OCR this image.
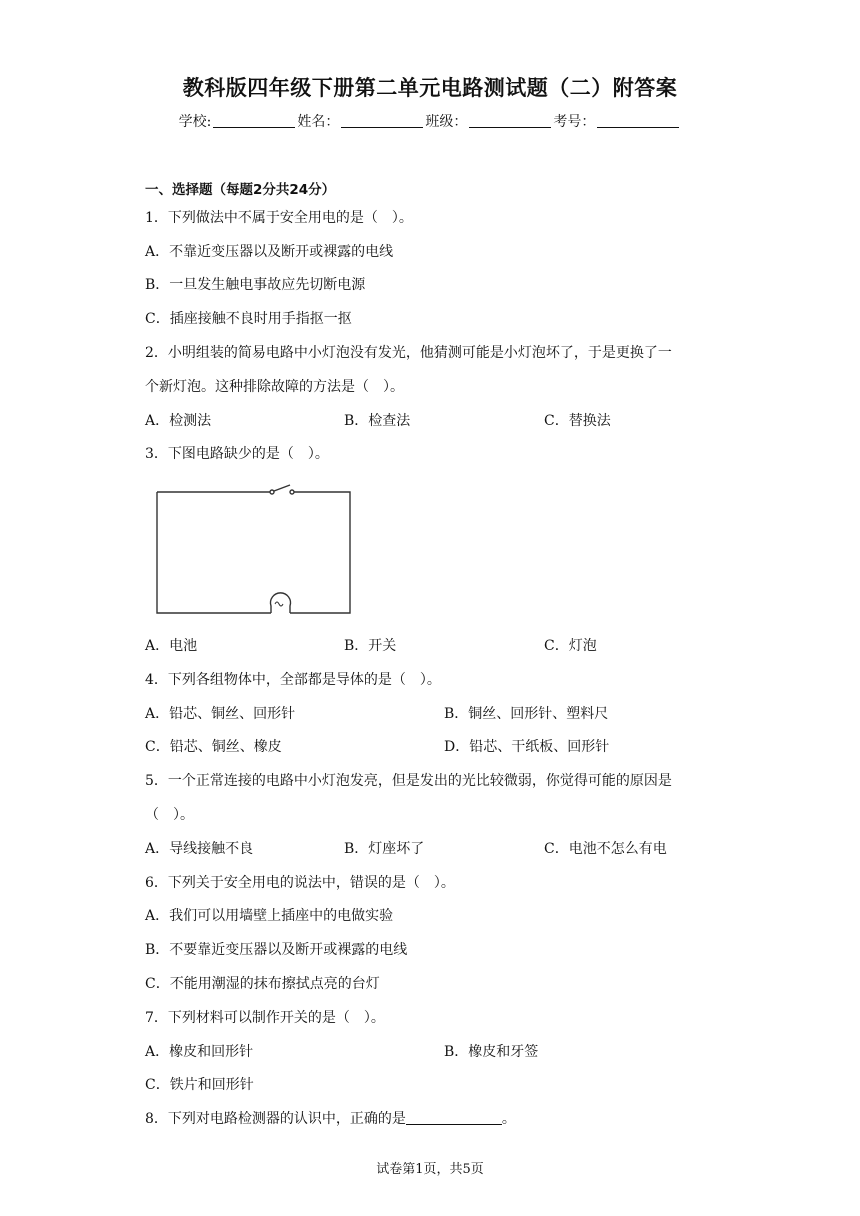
教科版四年级下册第二单元电路测试题（二）附答案
学校:	姓名：	班级：	考号：
一、选择题（每题2分共24分）
1．下列做法中不属于安全用电的是（　）。
A．不靠近变压器以及断开或裸露的电线
B．一旦发生触电事故应先切断电源
C．插座接触不良时用手指抠一抠
2．小明组装的简易电路中小灯泡没有发光，他猜测可能是小灯泡坏了，于是更换了一
个新灯泡。这种排除故障的方法是（　）。
A．检测法	B．检查法	C．替换法
3．下图电路缺少的是（　）。
A．电池	B．开关	C．灯泡
4．下列各组物体中，全部都是导体的是（　）。
A．铅芯、铜丝、回形针	B．铜丝、回形针、塑料尺
C．铅芯、铜丝、橡皮	D．铅芯、干纸板、回形针
5．一个正常连接的电路中小灯泡发亮，但是发出的光比较微弱，你觉得可能的原因是
（　）。
A．导线接触不良	B．灯座坏了	C．电池不怎么有电
6．下列关于安全用电的说法中，错误的是（　）。
A．我们可以用墙壁上插座中的电做实验
B．不要靠近变压器以及断开或裸露的电线
C．不能用潮湿的抹布擦拭点亮的台灯
7．下列材料可以制作开关的是（　）。
A．橡皮和回形针	B．橡皮和牙签
C．铁片和回形针
8．下列对电路检测器的认识中，正确的是	。
试卷第1页，共5页
